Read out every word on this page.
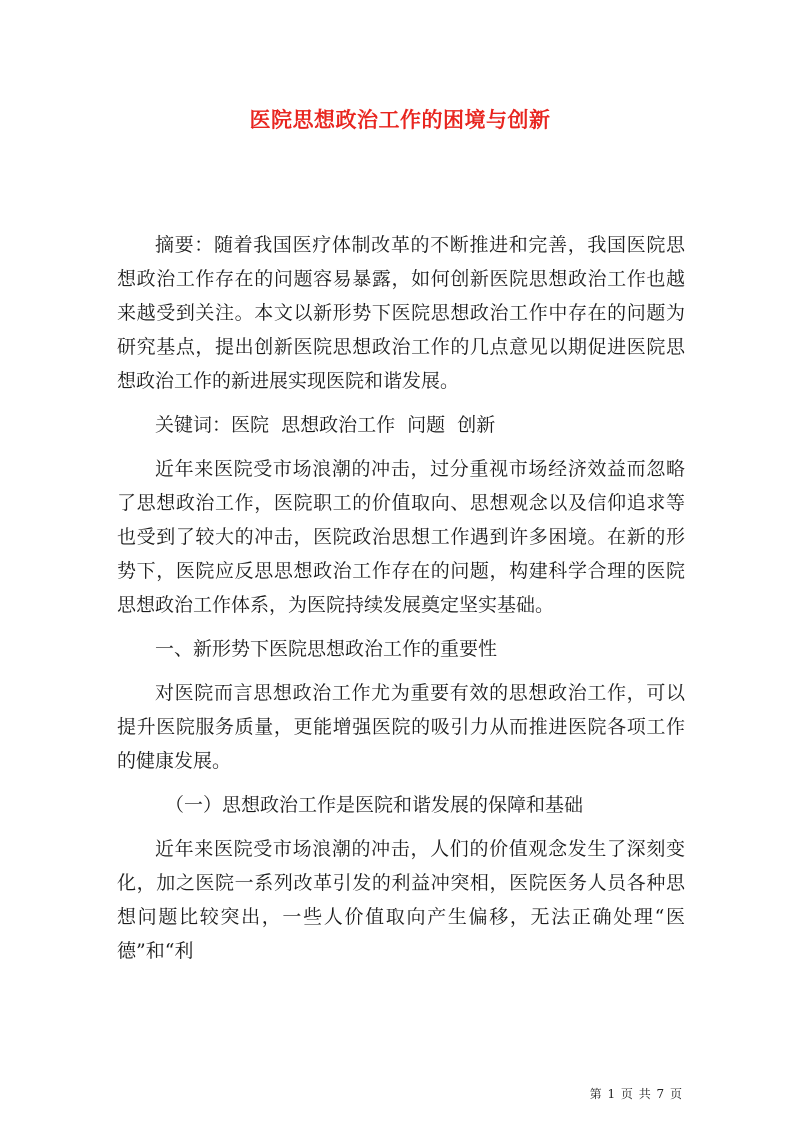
医院思想政治工作的困境与创新

摘要：随着我国医疗体制改革的不断推进和完善，我国医院思想政治工作存在的问题容易暴露，如何创新医院思想政治工作也越来越受到关注。本文以新形势下医院思想政治工作中存在的问题为研究基点，提出创新医院思想政治工作的几点意见以期促进医院思想政治工作的新进展实现医院和谐发展。

关键词：医院  思想政治工作  问题  创新

近年来医院受市场浪潮的冲击，过分重视市场经济效益而忽略了思想政治工作，医院职工的价值取向、思想观念以及信仰追求等也受到了较大的冲击，医院政治思想工作遇到许多困境。在新的形势下，医院应反思思想政治工作存在的问题，构建科学合理的医院思想政治工作体系，为医院持续发展奠定坚实基础。

一、新形势下医院思想政治工作的重要性

对医院而言思想政治工作尤为重要有效的思想政治工作，可以提升医院服务质量，更能增强医院的吸引力从而推进医院各项工作的健康发展。

（一）思想政治工作是医院和谐发展的保障和基础

近年来医院受市场浪潮的冲击，人们的价值观念发生了深刻变化，加之医院一系列改革引发的利益冲突相，医院医务人员各种思想问题比较突出，一些人价值取向产生偏移，无法正确处理“医德”和“利

第 1 页 共 7 页
